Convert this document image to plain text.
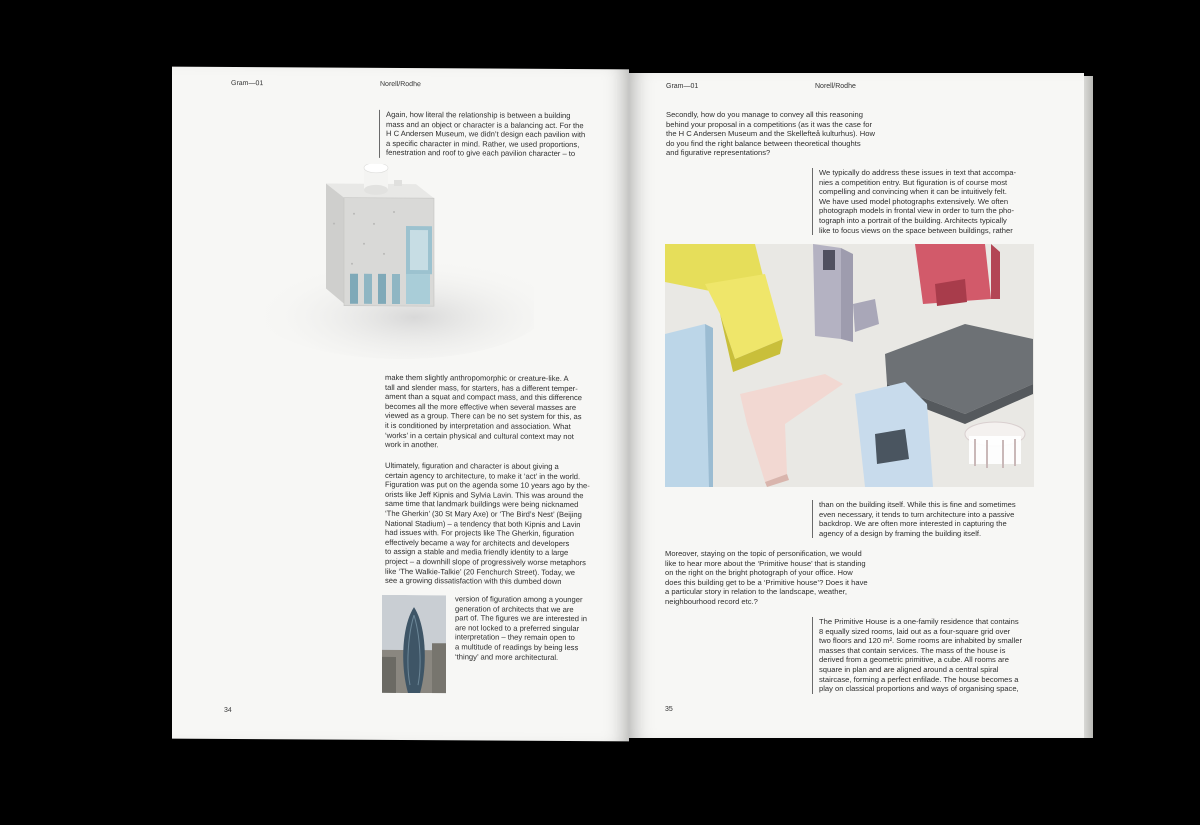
Gram—01	Norell/Rodhe
Again, how literal the relationship is between a building
mass and an object or character is a balancing act. For the
H C Andersen Museum, we didn’t design each pavilion with
a specific character in mind. Rather, we used proportions,
fenestration and roof to give each pavilion character – to
make them slightly anthropomorphic or creature-like. A
tall and slender mass, for starters, has a different temper-
ament than a squat and compact mass, and this difference
becomes all the more effective when several masses are
viewed as a group. There can be no set system for this, as
it is conditioned by interpretation and association. What
‘works’ in a certain physical and cultural context may not
work in another.
Ultimately, figuration and character is about giving a
certain agency to architecture, to make it ‘act’ in the world.
Figuration was put on the agenda some 10 years ago by the-
orists like Jeff Kipnis and Sylvia Lavin. This was around the
same time that landmark buildings were being nicknamed
‘The Gherkin’ (30 St Mary Axe) or ‘The Bird’s Nest’ (Beijing
National Stadium) – a tendency that both Kipnis and Lavin
had issues with. For projects like The Gherkin, figuration
effectively became a way for architects and developers
to assign a stable and media friendly identity to a large
project – a downhill slope of progressively worse metaphors
like ‘The Walkie-Talkie’ (20 Fenchurch Street). Today, we
see a growing dissatisfaction with this dumbed down
version of figuration among a younger
generation of architects that we are
part of. The figures we are interested in
are not locked to a preferred singular
interpretation – they remain open to
a multitude of readings by being less
‘thingy’ and more architectural.
34
Gram—01	Norell/Rodhe
Secondly, how do you manage to convey all this reasoning
behind your proposal in a competitions (as it was the case for
the H C Andersen Museum and the Skellefteå kulturhus). How
do you find the right balance between theoretical thoughts
and figurative representations?
We typically do address these issues in text that accompa-
nies a competition entry. But figuration is of course most
compelling and convincing when it can be intuitively felt.
We have used model photographs extensively. We often
photograph models in frontal view in order to turn the pho-
tograph into a portrait of the building. Architects typically
like to focus views on the space between buildings, rather
than on the building itself. While this is fine and sometimes
even necessary, it tends to turn architecture into a passive
backdrop. We are often more interested in capturing the
agency of a design by framing the building itself.
Moreover, staying on the topic of personification, we would
like to hear more about the ‘Primitive house’ that is standing
on the right on the bright photograph of your office. How
does this building get to be a ‘Primitive house’? Does it have
a particular story in relation to the landscape, weather,
neighbourhood record etc.?
The Primitive House is a one-family residence that contains
8 equally sized rooms, laid out as a four-square grid over
two floors and 120 m². Some rooms are inhabited by smaller
masses that contain services. The mass of the house is
derived from a geometric primitive, a cube. All rooms are
square in plan and are aligned around a central spiral
staircase, forming a perfect enfilade. The house becomes a
play on classical proportions and ways of organising space,
35
